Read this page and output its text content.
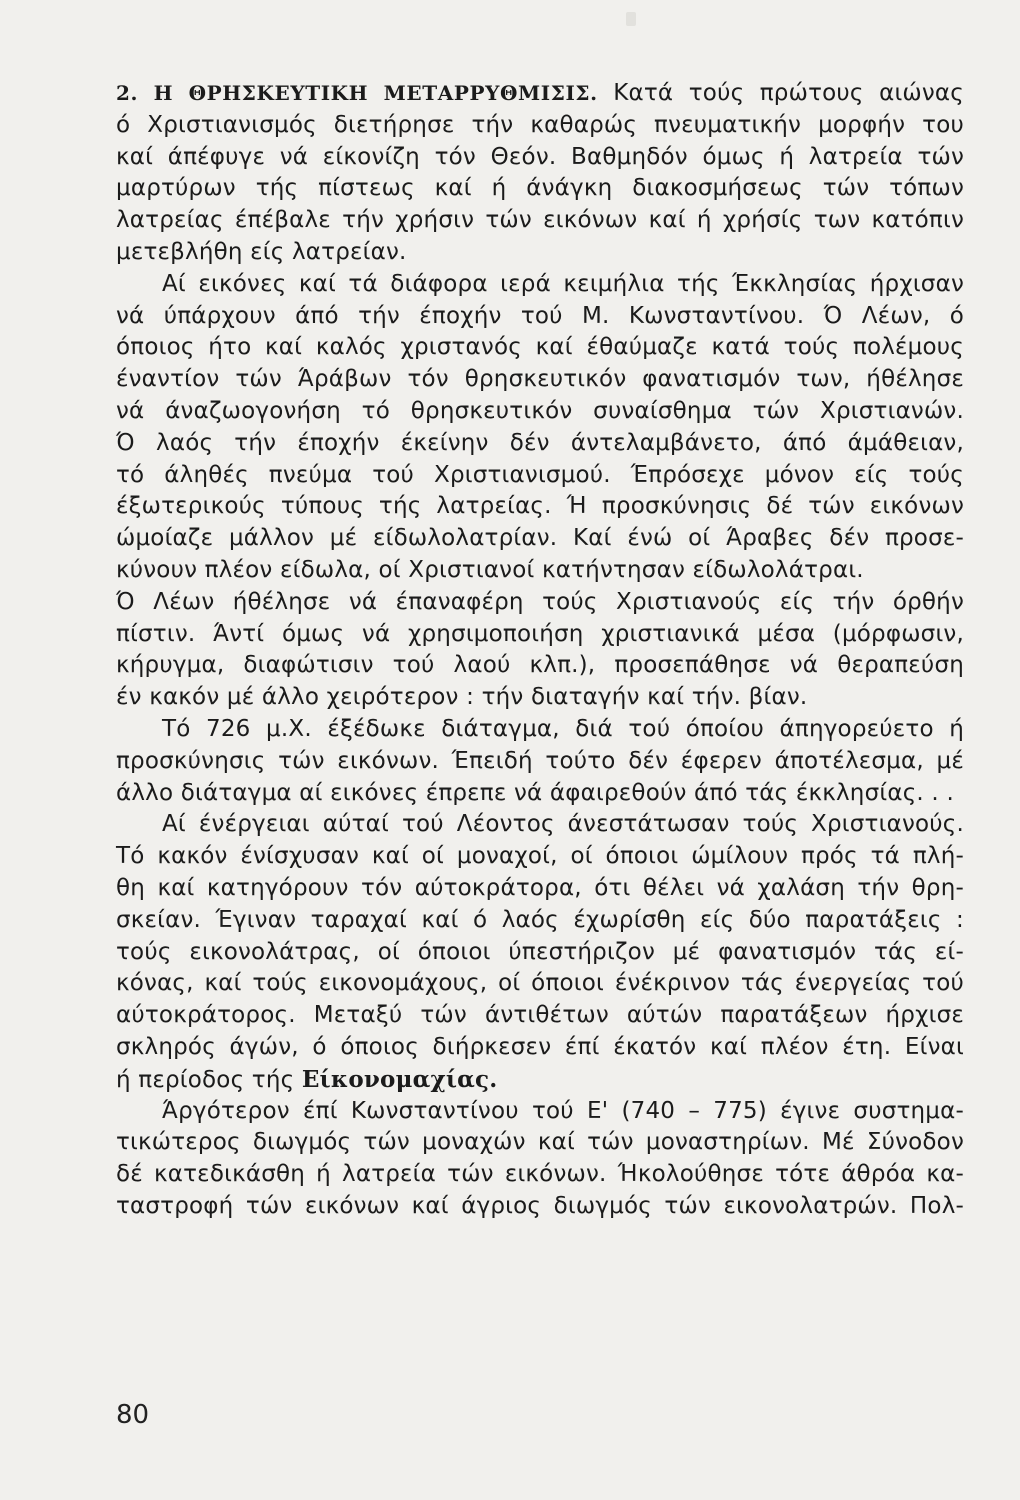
2. Η ΘΡΗΣΚΕΥΤΙΚΗ ΜΕΤΑΡΡΥΘΜΙΣΙΣ. Κατά τούς πρώτους αιώνας
ό Χριστιανισμός διετήρησε τήν καθαρώς πνευματικήν μορφήν του
καί άπέφυγε νά είκονίζη τόν Θεόν. Βαθμηδόν όμως ή λατρεία τών
μαρτύρων τής πίστεως καί ή άνάγκη διακοσμήσεως τών τόπων
λατρείας έπέβαλε τήν χρήσιν τών εικόνων καί ή χρήσίς των κατόπιν
μετεβλήθη είς λατρείαν.
Αί εικόνες καί τά διάφορα ιερά κειμήλια τής Έκκλησίας ήρχισαν
νά ύπάρχουν άπό τήν έποχήν τού Μ. Κωνσταντίνου. Ό Λέων, ό
όποιος ήτο καί καλός χριστανός καί έθαύμαζε κατά τούς πολέμους
έναντίον τών Άράβων τόν θρησκευτικόν φανατισμόν των, ήθέλησε
νά άναζωογονήση τό θρησκευτικόν συναίσθημα τών Χριστιανών.
Ό λαός τήν έποχήν έκείνην δέν άντελαμβάνετο, άπό άμάθειαν,
τό άληθές πνεύμα τού Χριστιανισμού. Έπρόσεχε μόνον είς τούς
έξωτερικούς τύπους τής λατρείας. Ή προσκύνησις δέ τών εικόνων
ώμοίαζε μάλλον μέ είδωλολατρίαν. Καί ένώ οί Άραβες δέν προσε-
κύνουν πλέον είδωλα, οί Χριστιανοί κατήντησαν είδωλολάτραι.
Ό Λέων ήθέλησε νά έπαναφέρη τούς Χριστιανούς είς τήν όρθήν
πίστιν. Άντί όμως νά χρησιμοποιήση χριστιανικά μέσα (μόρφωσιν,
κήρυγμα, διαφώτισιν τού λαού κλπ.), προσεπάθησε νά θεραπεύση
έν κακόν μέ άλλο χειρότερον : τήν διαταγήν καί τήν. βίαν.
Τό 726 μ.Χ. έξέδωκε διάταγμα, διά τού όποίου άπηγορεύετο ή
προσκύνησις τών εικόνων. Έπειδή τούτο δέν έφερεν άποτέλεσμα, μέ
άλλο διάταγμα αί εικόνες έπρεπε νά άφαιρεθούν άπό τάς έκκλησίας. . .
Αί ένέργειαι αύταί τού Λέοντος άνεστάτωσαν τούς Χριστιανούς.
Τό κακόν ένίσχυσαν καί οί μοναχοί, οί όποιοι ώμίλουν πρός τά πλή-
θη καί κατηγόρουν τόν αύτοκράτορα, ότι θέλει νά χαλάση τήν θρη-
σκείαν. Έγιναν ταραχαί καί ό λαός έχωρίσθη είς δύο παρατάξεις :
τούς εικονολάτρας, οί όποιοι ύπεστήριζον μέ φανατισμόν τάς εί-
κόνας, καί τούς εικονομάχους, οί όποιοι ένέκρινον τάς ένεργείας τού
αύτοκράτορος. Μεταξύ τών άντιθέτων αύτών παρατάξεων ήρχισε
σκληρός άγών, ό όποιος διήρκεσεν έπί έκατόν καί πλέον έτη. Είναι
ή περίοδος τής Είκονομαχίας.
Άργότερον έπί Κωνσταντίνου τού Ε' (740 – 775) έγινε συστημα-
τικώτερος διωγμός τών μοναχών καί τών μοναστηρίων. Μέ Σύνοδον
δέ κατεδικάσθη ή λατρεία τών εικόνων. Ήκολούθησε τότε άθρόα κα-
ταστροφή τών εικόνων καί άγριος διωγμός τών εικονολατρών. Πολ-
80
